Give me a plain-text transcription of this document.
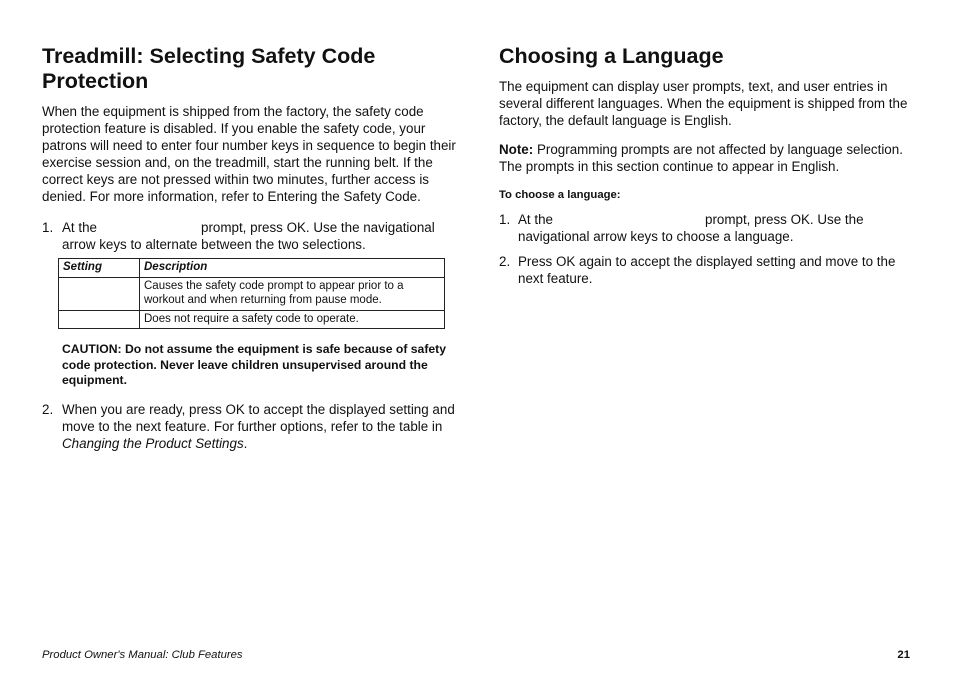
Treadmill: Selecting Safety Code Protection

When the equipment is shipped from the factory, the safety code protection feature is disabled. If you enable the safety code, your patrons will need to enter four number keys in sequence to begin their exercise session and, on the treadmill, start the running belt. If the correct keys are not pressed within two minutes, further access is denied. For more information, refer to Entering the Safety Code.

1. At the	prompt, press OK. Use the navigational arrow keys to alternate between the two selections.
Setting	Description
	Causes the safety code prompt to appear prior to a workout and when returning from pause mode.
	Does not require a safety code to operate.
CAUTION: Do not assume the equipment is safe because of safety code protection. Never leave children unsupervised around the equipment.
2. When you are ready, press OK to accept the displayed setting and move to the next feature. For further options, refer to the table in Changing the Product Settings.
Choosing a Language

The equipment can display user prompts, text, and user entries in several different languages. When the equipment is shipped from the factory, the default language is English.

Note: Programming prompts are not affected by language selection. The prompts in this section continue to appear in English.

To choose a language:

1. At the	prompt, press OK. Use the navigational arrow keys to choose a language.
2. Press OK again to accept the displayed setting and move to the next feature.
Product Owner's Manual: Club Features	21
